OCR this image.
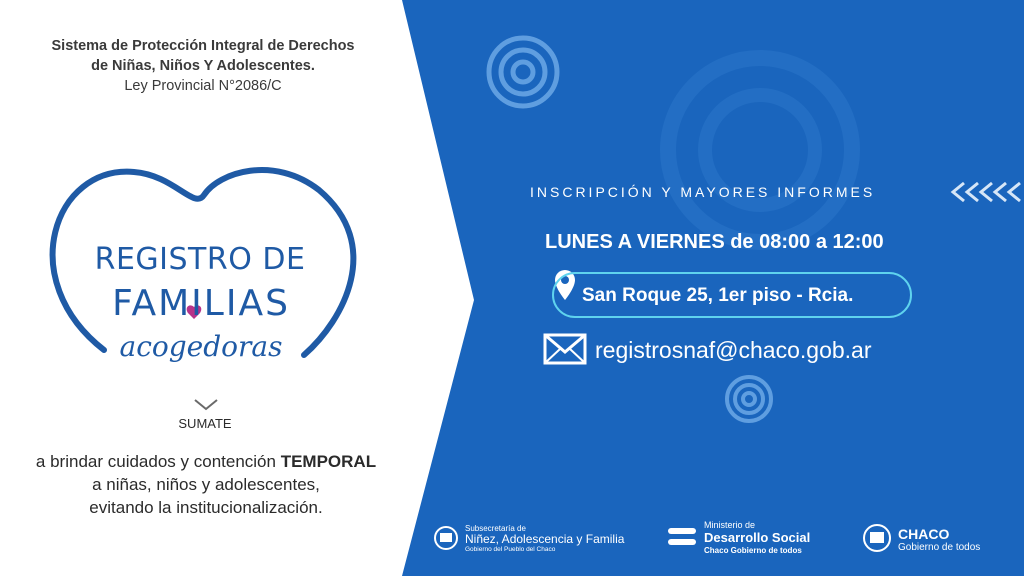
Sistema de Protección Integral de Derechos
de Niñas, Niños Y Adolescentes.
Ley Provincial N°2086/C
REGISTRO DE
FAMILIAS
acogedoras
SUMATE
a brindar cuidados y contención TEMPORAL
a niñas, niños y adolescentes,
evitando la institucionalización.
INSCRIPCIÓN Y MAYORES INFORMES
LUNES A VIERNES de 08:00 a 12:00
San Roque 25, 1er piso - Rcia.
registrosnaf@chaco.gob.ar
Subsecretaría de
Niñez, Adolescencia y Familia
Gobierno del Pueblo del Chaco
Ministerio de
Desarrollo Social
Chaco Gobierno de todos
CHACO
Gobierno de todos
